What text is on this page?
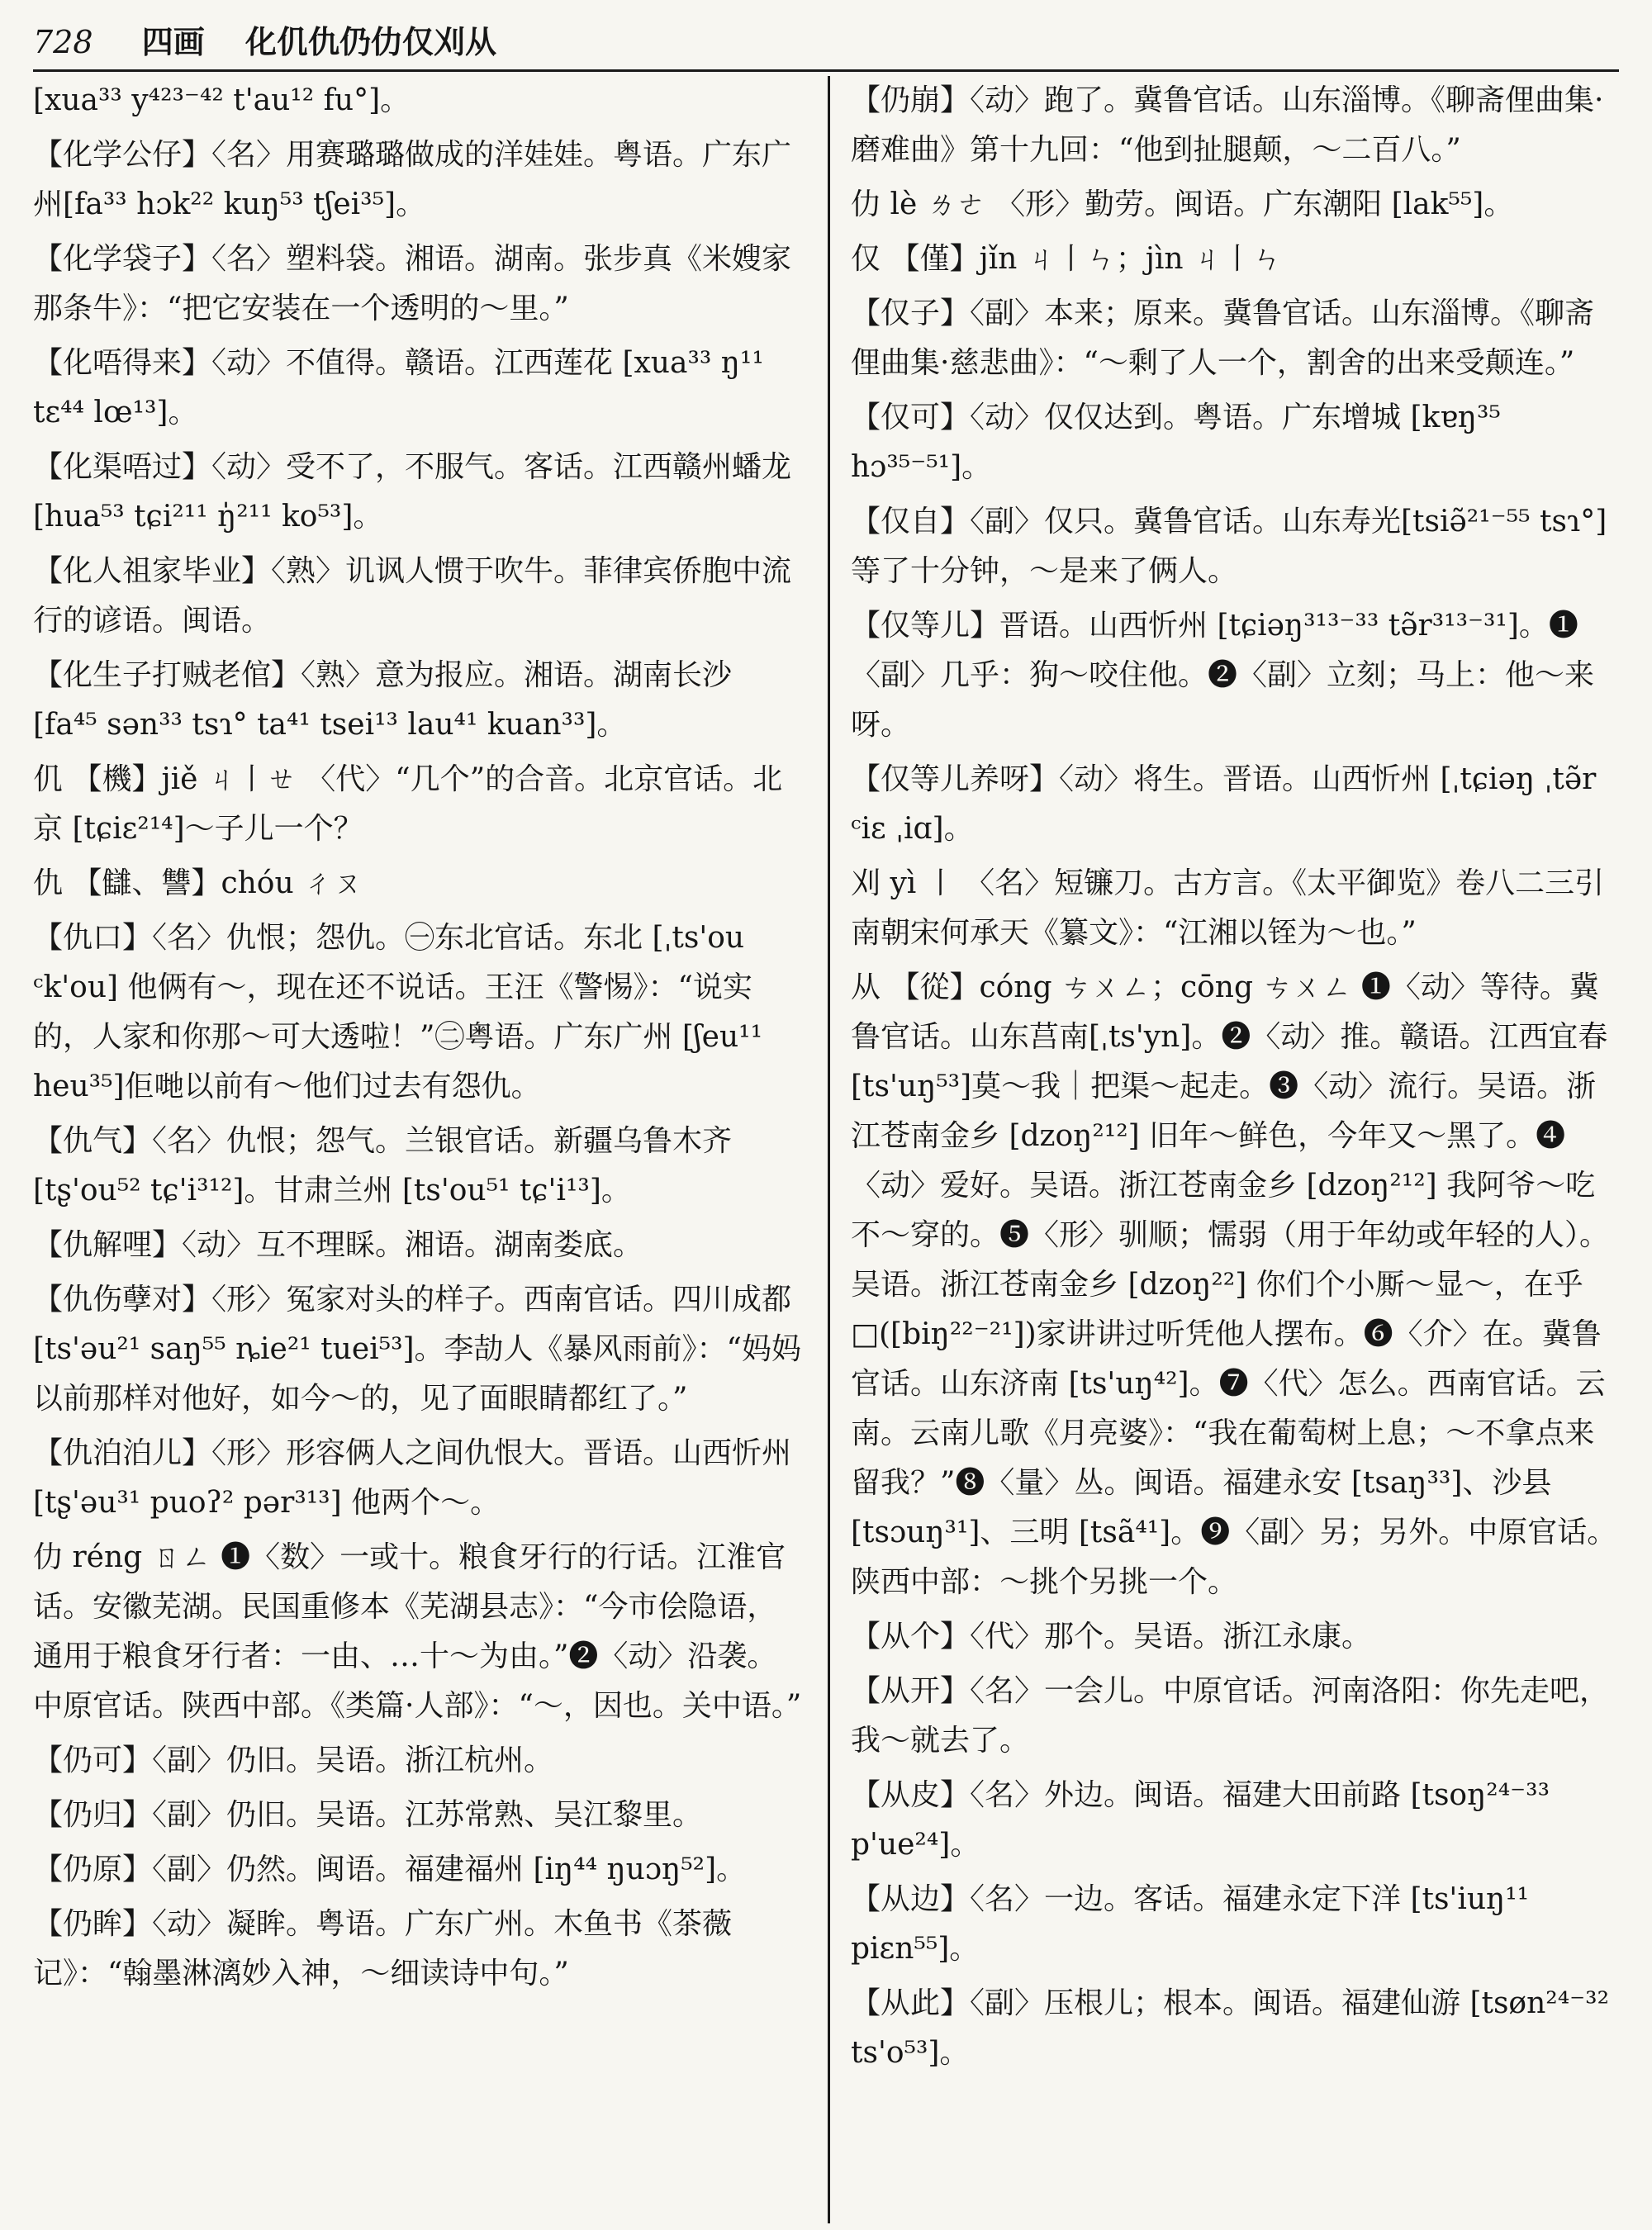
728 四画 化仉仇仍仂仅刈从

[xua³³ y⁴²³⁻⁴² t'au¹² fu°]。

【化学公仔】〈名〉用赛璐璐做成的洋娃娃。粤语。广东广州[fa³³ hɔk²² kuŋ⁵³ tʃei³⁵]。

【化学袋子】〈名〉塑料袋。湘语。湖南。张步真《米嫂家那条牛》：“把它安装在一个透明的～里。”

【化唔得来】〈动〉不值得。赣语。江西莲花 [xua³³ ŋ¹¹ tɛ⁴⁴ lœ¹³]。

【化渠唔过】〈动〉受不了，不服气。客话。江西赣州蟠龙 [hua⁵³ tɕi²¹¹ ŋ̍²¹¹ ko⁵³]。

【化人祖家毕业】〈熟〉讥讽人惯于吹牛。菲律宾侨胞中流行的谚语。闽语。

【化生子打贼老倌】〈熟〉意为报应。湘语。湖南长沙 [fa⁴⁵ sən³³ tsɿ° ta⁴¹ tsei¹³ lau⁴¹ kuan³³]。

仉 【機】jiě ㄐ丨ㄝ 〈代〉“几个”的合音。北京官话。北京 [tɕiɛ²¹⁴]～子儿一个？

仇 【讎、讐】chóu ㄔㄡ

【仇口】〈名〉仇恨；怨仇。㊀东北官话。东北 [ˌts'ou ᶜk'ou] 他俩有～，现在还不说话。王汪《警惕》：“说实的，人家和你那～可大透啦！”㊁粤语。广东广州 [ʃeu¹¹ heu³⁵]佢哋以前有～他们过去有怨仇。

【仇气】〈名〉仇恨；怨气。兰银官话。新疆乌鲁木齐 [tʂ'ou⁵² tɕ'i³¹²]。甘肃兰州 [ts'ou⁵¹ tɕ'i¹³]。

【仇解哩】〈动〉互不理睬。湘语。湖南娄底。

【仇伤孽对】〈形〉冤家对头的样子。西南官话。四川成都[ts'əu²¹ saŋ⁵⁵ ȵie²¹ tuei⁵³]。李劼人《暴风雨前》：“妈妈以前那样对他好，如今～的，见了面眼睛都红了。”

【仇泊泊儿】〈形〉形容俩人之间仇恨大。晋语。山西忻州 [tʂ'əu³¹ puoʔ² pər³¹³] 他两个～。

仂 réng ㄖㄥ ❶〈数〉一或十。粮食牙行的行话。江淮官话。安徽芜湖。民国重修本《芜湖县志》：“今市侩隐语，通用于粮食牙行者：一由、…十～为由。”❷〈动〉沿袭。中原官话。陕西中部。《类篇·人部》：“～，因也。关中语。”

【仍可】〈副〉仍旧。吴语。浙江杭州。

【仍归】〈副〉仍旧。吴语。江苏常熟、吴江黎里。

【仍原】〈副〉仍然。闽语。福建福州 [iŋ⁴⁴ ŋuɔŋ⁵²]。

【仍眸】〈动〉凝眸。粤语。广东广州。木鱼书《茶薇记》：“翰墨淋漓妙入神，～细读诗中句。”

【仍崩】〈动〉跑了。冀鲁官话。山东淄博。《聊斋俚曲集·磨难曲》第十九回：“他到扯腿颠，～二百八。”

仂 lè ㄌㄜ 〈形〉勤劳。闽语。广东潮阳 [lak⁵⁵]。

仅 【僅】jǐn ㄐ丨ㄣ；jìn ㄐ丨ㄣ

【仅子】〈副〉本来；原来。冀鲁官话。山东淄博。《聊斋俚曲集·慈悲曲》：“～剩了人一个，割舍的出来受颠连。”

【仅可】〈动〉仅仅达到。粤语。广东增城 [kɐŋ³⁵ hɔ³⁵⁻⁵¹]。

【仅自】〈副〉仅只。冀鲁官话。山东寿光[tsiə̃²¹⁻⁵⁵ tsɿ°]等了十分钟，～是来了俩人。

【仅等儿】晋语。山西忻州 [tɕiəŋ³¹³⁻³³ tə̃r³¹³⁻³¹]。❶〈副〉几乎：狗～咬住他。❷〈副〉立刻；马上：他～来呀。

【仅等儿养呀】〈动〉将生。晋语。山西忻州 [ˌtɕiəŋ ˌtə̃r ᶜiɛ ˌiɑ]。

刈 yì 丨 〈名〉短镰刀。古方言。《太平御览》卷八二三引南朝宋何承天《纂文》：“江湘以铚为～也。”

从 【從】cóng ㄘㄨㄥ；cōng ㄘㄨㄥ ❶〈动〉等待。冀鲁官话。山东莒南[ˌts'yn]。❷〈动〉推。赣语。江西宜春 [ts'uŋ⁵³]莫～我｜把渠～起走。❸〈动〉流行。吴语。浙江苍南金乡 [dzoŋ²¹²] 旧年～鲜色，今年又～黑了。❹〈动〉爱好。吴语。浙江苍南金乡 [dzoŋ²¹²] 我阿爷～吃不～穿的。❺〈形〉驯顺；懦弱（用于年幼或年轻的人）。吴语。浙江苍南金乡 [dzoŋ²²] 你们个小厮～显～，在乎□([biŋ²²⁻²¹])家讲讲过听凭他人摆布。❻〈介〉在。冀鲁官话。山东济南 [ts'uŋ⁴²]。❼〈代〉怎么。西南官话。云南。云南儿歌《月亮婆》：“我在葡萄树上息；～不拿点来留我？”❽〈量〉丛。闽语。福建永安 [tsaŋ³³]、沙县 [tsɔuŋ³¹]、三明 [tsã⁴¹]。❾〈副〉另；另外。中原官话。陕西中部：～挑个另挑一个。

【从个】〈代〉那个。吴语。浙江永康。

【从开】〈名〉一会儿。中原官话。河南洛阳：你先走吧，我～就去了。

【从皮】〈名〉外边。闽语。福建大田前路 [tsoŋ²⁴⁻³³ p'ue²⁴]。

【从边】〈名〉一边。客话。福建永定下洋 [ts'iuŋ¹¹ piɛn⁵⁵]。

【从此】〈副〉压根儿；根本。闽语。福建仙游 [tsøn²⁴⁻³² ts'o⁵³]。
